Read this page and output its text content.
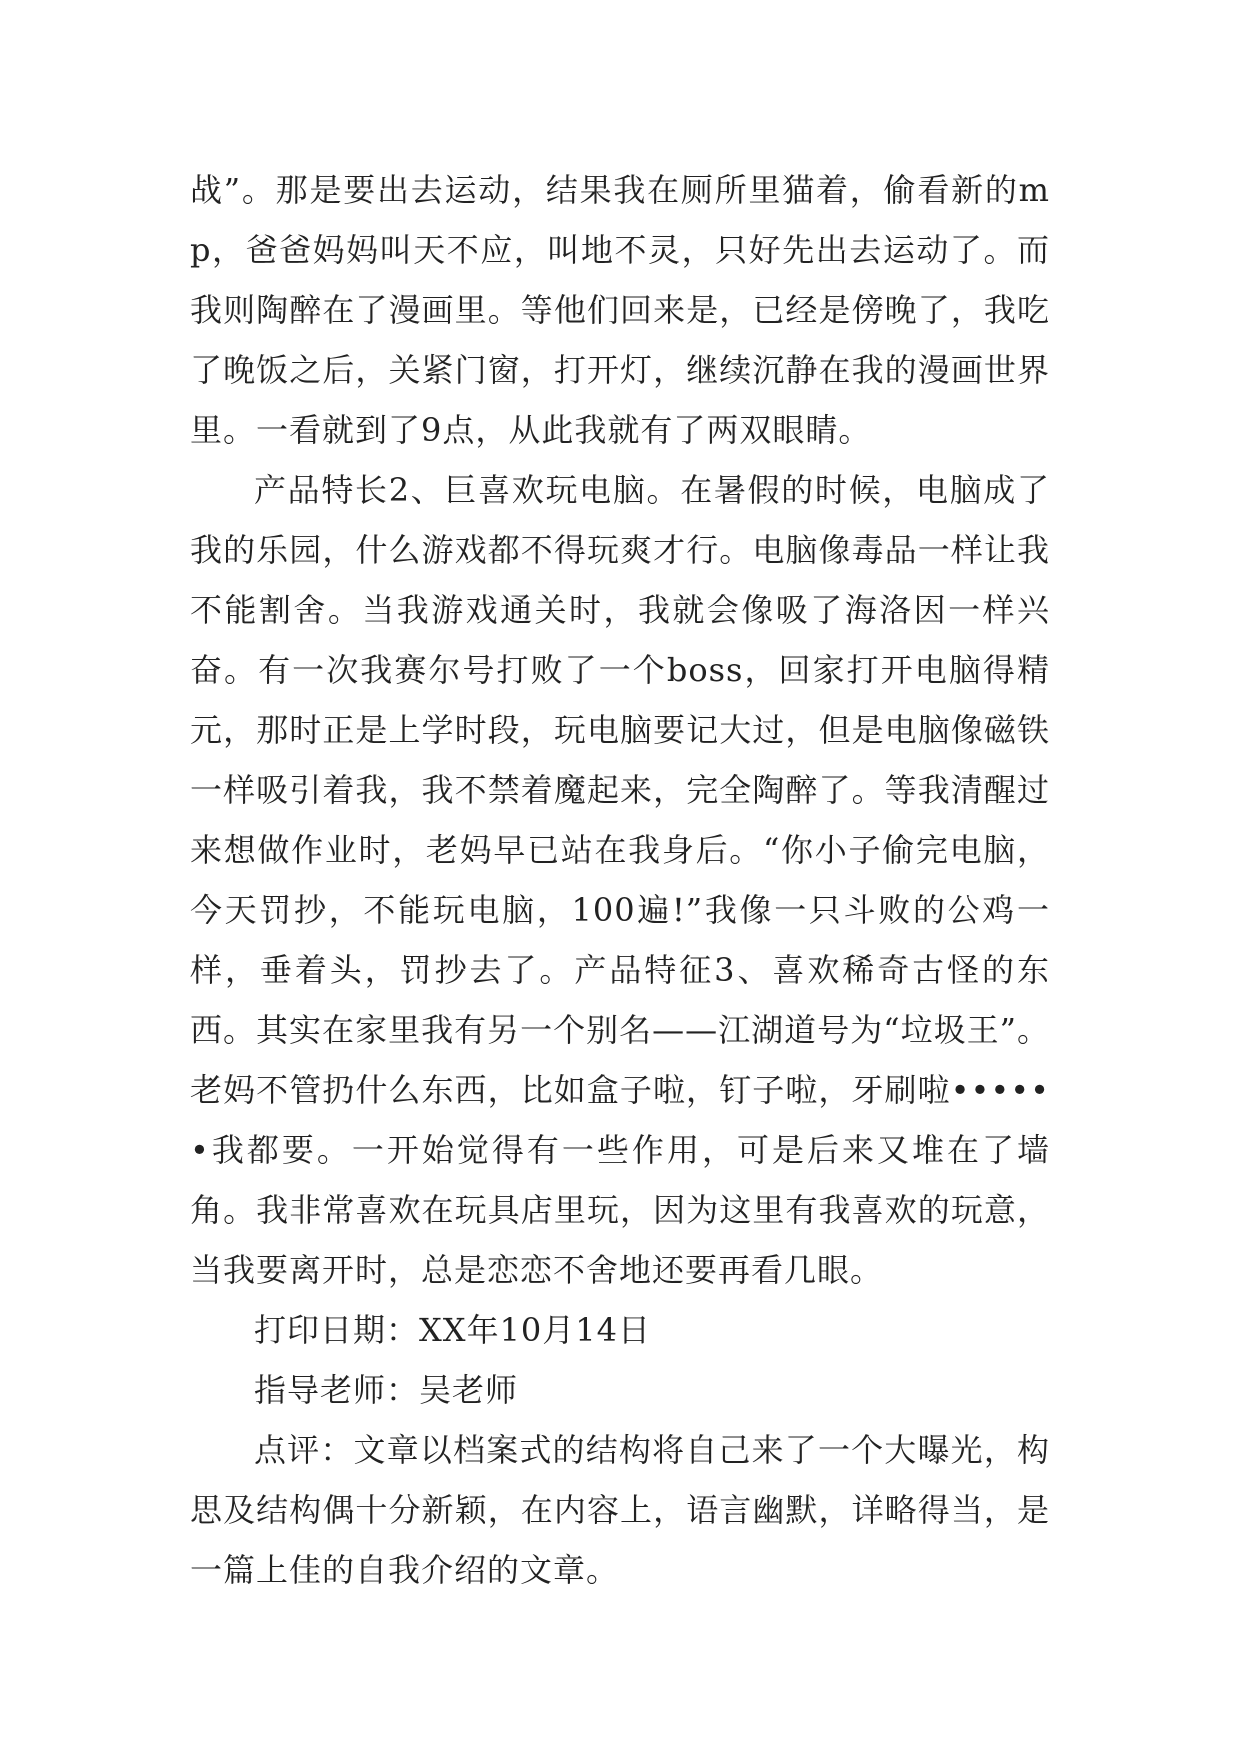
战”。那是要出去运动，结果我在厕所里猫着，偷看新的mp，爸爸妈妈叫天不应，叫地不灵，只好先出去运动了。而我则陶醉在了漫画里。等他们回来是，已经是傍晚了，我吃了晚饭之后，关紧门窗，打开灯，继续沉静在我的漫画世界里。一看就到了9点，从此我就有了两双眼睛。

产品特长2、巨喜欢玩电脑。在暑假的时候，电脑成了我的乐园，什么游戏都不得玩爽才行。电脑像毒品一样让我不能割舍。当我游戏通关时，我就会像吸了海洛因一样兴奋。有一次我赛尔号打败了一个boss，回家打开电脑得精元，那时正是上学时段，玩电脑要记大过，但是电脑像磁铁一样吸引着我，我不禁着魔起来，完全陶醉了。等我清醒过来想做作业时，老妈早已站在我身后。“你小子偷完电脑，今天罚抄，不能玩电脑，100遍!”我像一只斗败的公鸡一样，垂着头，罚抄去了。产品特征3、喜欢稀奇古怪的东西。其实在家里我有另一个别名——江湖道号为“垃圾王”。老妈不管扔什么东西，比如盒子啦，钉子啦，牙刷啦••••••我都要。一开始觉得有一些作用，可是后来又堆在了墙角。我非常喜欢在玩具店里玩，因为这里有我喜欢的玩意，当我要离开时，总是恋恋不舍地还要再看几眼。

打印日期：XX年10月14日

指导老师：吴老师

点评：文章以档案式的结构将自己来了一个大曝光，构思及结构偶十分新颖，在内容上，语言幽默，详略得当，是一篇上佳的自我介绍的文章。
